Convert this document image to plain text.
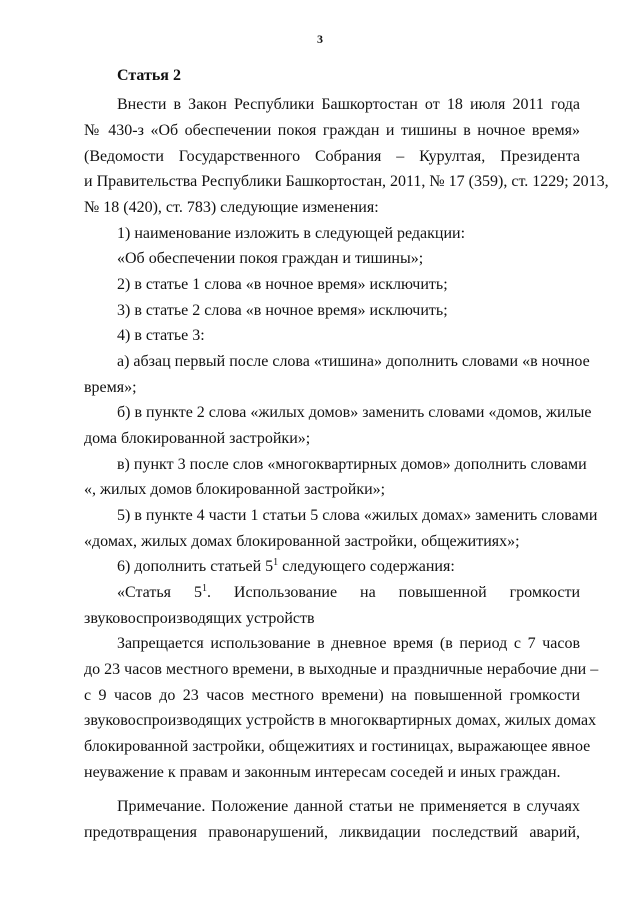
3
Статья 2
Внести в Закон Республики Башкортостан от 18 июля 2011 года
№ 430-з «Об обеспечении покоя граждан и тишины в ночное время»
(Ведомости Государственного Собрания – Курултая, Президента
и Правительства Республики Башкортостан, 2011, № 17 (359), ст. 1229; 2013,
№ 18 (420), ст. 783) следующие изменения:
1) наименование изложить в следующей редакции:
«Об обеспечении покоя граждан и тишины»;
2) в статье 1 слова «в ночное время» исключить;
3) в статье 2 слова «в ночное время» исключить;
4) в статье 3:
а) абзац первый после слова «тишина» дополнить словами «в ночное
время»;
б) в пункте 2 слова «жилых домов» заменить словами «домов, жилые
дома блокированной застройки»;
в) пункт 3 после слов «многоквартирных домов» дополнить словами
«, жилых домов блокированной застройки»;
5) в пункте 4 части 1 статьи 5 слова «жилых домах» заменить словами
«домах, жилых домах блокированной застройки, общежитиях»;
6) дополнить статьей $5^1$ следующего содержания:
«Статья $5^1$. Использование на повышенной громкости
звуковоспроизводящих устройств
Запрещается использование в дневное время (в период с 7 часов
до 23 часов местного времени, в выходные и праздничные нерабочие дни –
с 9 часов до 23 часов местного времени) на повышенной громкости
звуковоспроизводящих устройств в многоквартирных домах, жилых домах
блокированной застройки, общежитиях и гостиницах, выражающее явное
неуважение к правам и законным интересам соседей и иных граждан.
Примечание. Положение данной статьи не применяется в случаях
предотвращения правонарушений, ликвидации последствий аварий,
